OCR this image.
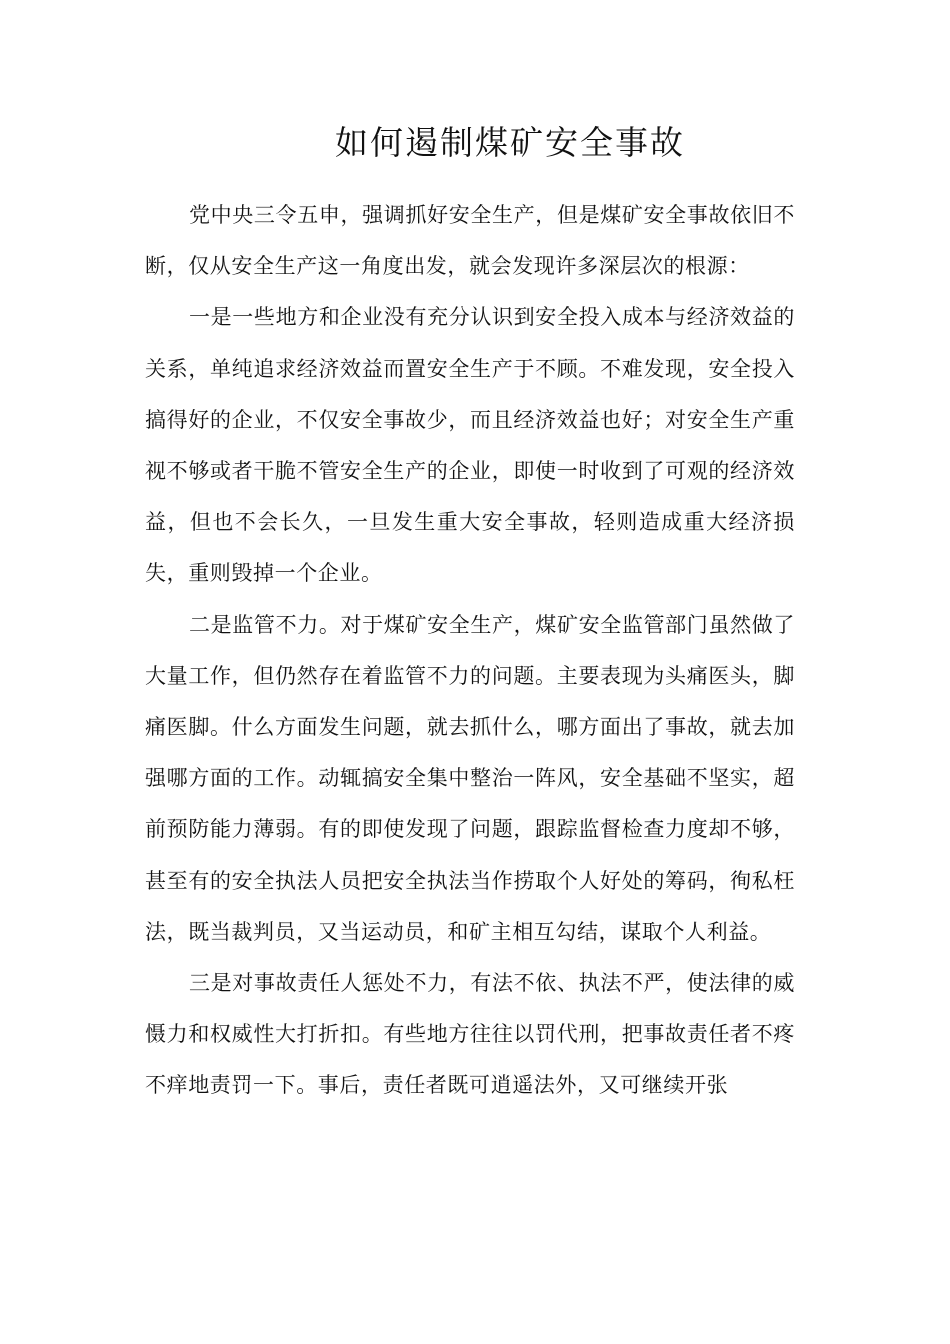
如何遏制煤矿安全事故

党中央三令五申，强调抓好安全生产，但是煤矿安全事故依旧不断，仅从安全生产这一角度出发，就会发现许多深层次的根源：

一是一些地方和企业没有充分认识到安全投入成本与经济效益的关系，单纯追求经济效益而置安全生产于不顾。不难发现，安全投入搞得好的企业，不仅安全事故少，而且经济效益也好；对安全生产重视不够或者干脆不管安全生产的企业，即使一时收到了可观的经济效益，但也不会长久，一旦发生重大安全事故，轻则造成重大经济损失，重则毁掉一个企业。

二是监管不力。对于煤矿安全生产，煤矿安全监管部门虽然做了大量工作，但仍然存在着监管不力的问题。主要表现为头痛医头，脚痛医脚。什么方面发生问题，就去抓什么，哪方面出了事故，就去加强哪方面的工作。动辄搞安全集中整治一阵风，安全基础不坚实，超前预防能力薄弱。有的即使发现了问题，跟踪监督检查力度却不够，甚至有的安全执法人员把安全执法当作捞取个人好处的筹码，徇私枉法，既当裁判员，又当运动员，和矿主相互勾结，谋取个人利益。

三是对事故责任人惩处不力，有法不依、执法不严，使法律的威慑力和权威性大打折扣。有些地方往往以罚代刑，把事故责任者不疼不痒地责罚一下。事后，责任者既可逍遥法外，又可继续开张
